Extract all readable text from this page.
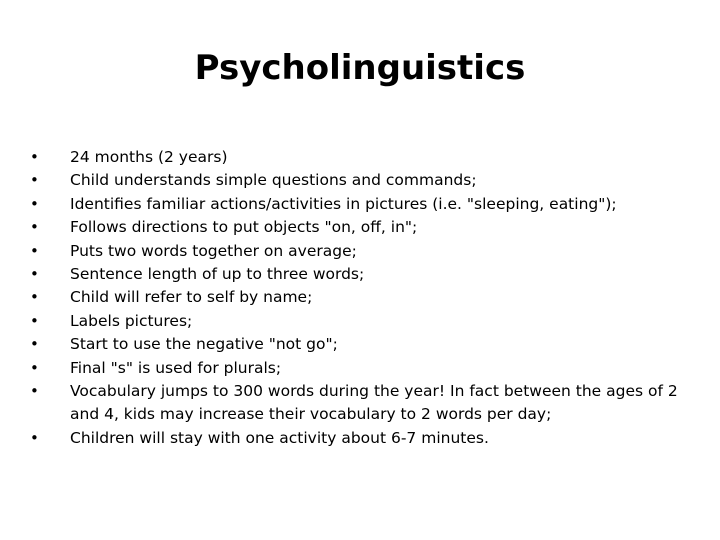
Psycholinguistics
•	24 months (2 years)
•	Child understands simple questions and commands;
•	Identifies familiar actions/activities in pictures (i.e. "sleeping, eating");
•	Follows directions to put objects "on, off, in";
•	Puts two words together on average;
•	Sentence length of up to three words;
•	Child will refer to self by name;
•	Labels pictures;
•	Start to use the negative "not go";
•	Final "s" is used for plurals;
•	Vocabulary jumps to 300 words during the year! In fact between the ages of 2 and 4, kids may increase their vocabulary to 2 words per day;
•	Children will stay with one activity about 6-7 minutes.
